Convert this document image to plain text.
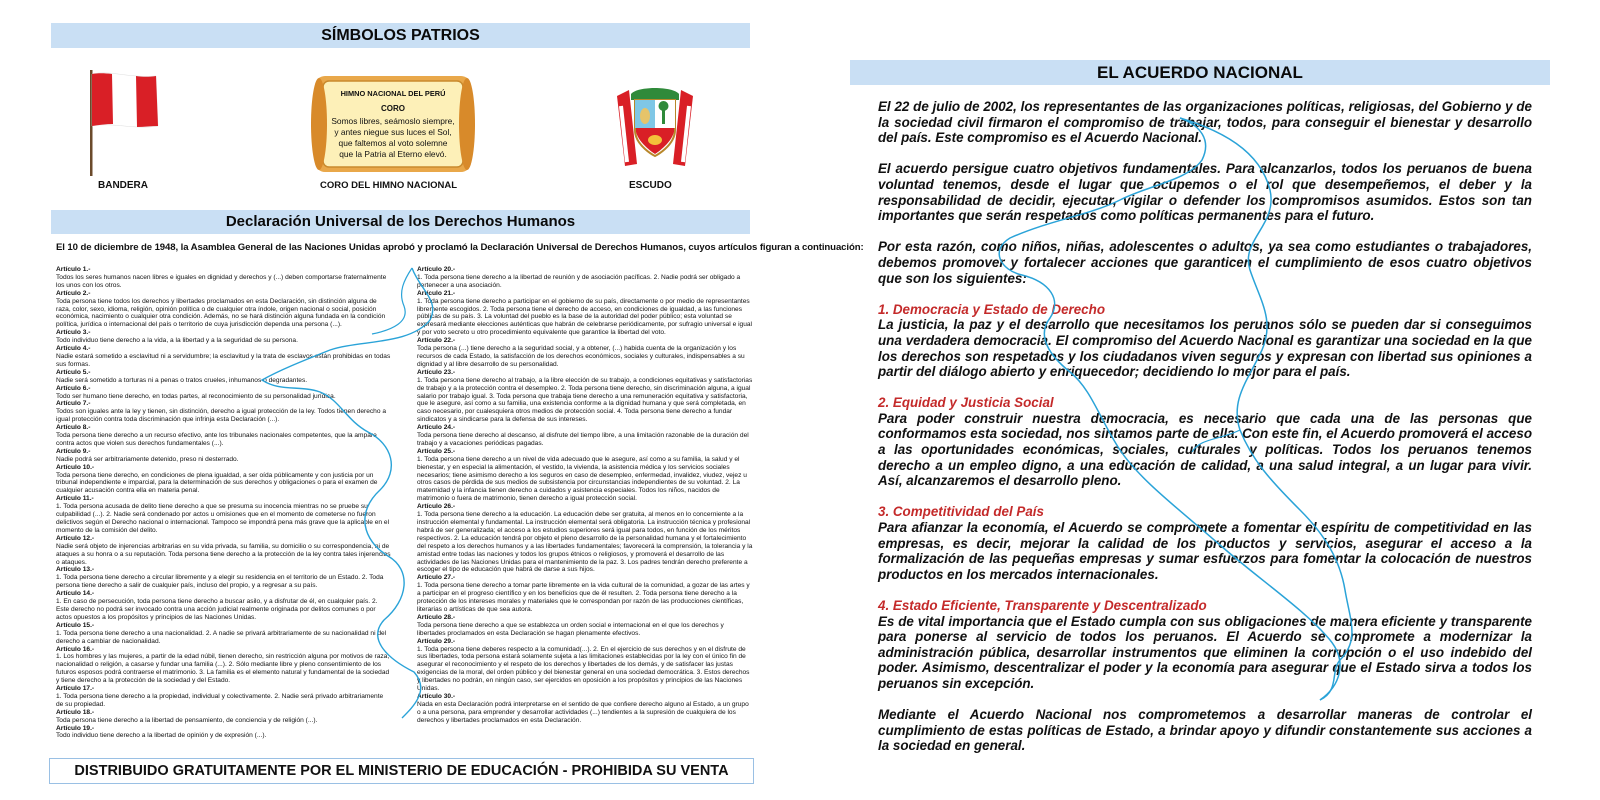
SÍMBOLOS PATRIOS
BANDERA
HIMNO NACIONAL DEL PERÚ
CORO
Somos libres, seámoslo siempre,
y antes niegue sus luces el Sol,
que faltemos al voto solemne
que la Patria al Eterno elevó.
CORO DEL HIMNO NACIONAL	ESCUDO
Declaración Universal de los Derechos Humanos
El 10 de diciembre de 1948, la Asamblea General de las Naciones Unidas aprobó y proclamó la Declaración Universal de Derechos Humanos, cuyos artículos figuran a continuación:
Artículo 1.-
Todos los seres humanos nacen libres e iguales en dignidad y derechos y (...) deben comportarse fraternalmente los unos con los otros.
Artículo 2.-
Toda persona tiene todos los derechos y libertades proclamados en esta Declaración, sin distinción alguna de raza, color, sexo, idioma, religión, opinión política o de cualquier otra índole, origen nacional o social, posición económica, nacimiento o cualquier otra condición. Además, no se hará distinción alguna fundada en la condición política, jurídica o internacional del país o territorio de cuya jurisdicción dependa una persona (...).
Artículo 3.-
Todo individuo tiene derecho a la vida, a la libertad y a la seguridad de su persona.
Artículo 4.-
Nadie estará sometido a esclavitud ni a servidumbre; la esclavitud y la trata de esclavos están prohibidas en todas sus formas.
Artículo 5.-
Nadie será sometido a torturas ni a penas o tratos crueles, inhumanos o degradantes.
Artículo 6.-
Todo ser humano tiene derecho, en todas partes, al reconocimiento de su personalidad jurídica.
Artículo 7.-
Todos son iguales ante la ley y tienen, sin distinción, derecho a igual protección de la ley. Todos tienen derecho a igual protección contra toda discriminación que infrinja esta Declaración (...).
Artículo 8.-
Toda persona tiene derecho a un recurso efectivo, ante los tribunales nacionales competentes, que la ampare contra actos que violen sus derechos fundamentales (...).
Artículo 9.-
Nadie podrá ser arbitrariamente detenido, preso ni desterrado.
Artículo 10.-
Toda persona tiene derecho, en condiciones de plena igualdad, a ser oída públicamente y con justicia por un tribunal independiente e imparcial, para la determinación de sus derechos y obligaciones o para el examen de cualquier acusación contra ella en materia penal.
Artículo 11.-
1. Toda persona acusada de delito tiene derecho a que se presuma su inocencia mientras no se pruebe su culpabilidad (...). 2. Nadie será condenado por actos u omisiones que en el momento de cometerse no fueron delictivos según el Derecho nacional o internacional. Tampoco se impondrá pena más grave que la aplicable en el momento de la comisión del delito.
Artículo 12.-
Nadie será objeto de injerencias arbitrarias en su vida privada, su familia, su domicilio o su correspondencia, ni de ataques a su honra o a su reputación. Toda persona tiene derecho a la protección de la ley contra tales injerencias o ataques.
Artículo 13.-
1. Toda persona tiene derecho a circular libremente y a elegir su residencia en el territorio de un Estado. 2. Toda persona tiene derecho a salir de cualquier país, incluso del propio, y a regresar a su país.
Artículo 14.-
1. En caso de persecución, toda persona tiene derecho a buscar asilo, y a disfrutar de él, en cualquier país. 2. Este derecho no podrá ser invocado contra una acción judicial realmente originada por delitos comunes o por actos opuestos a los propósitos y principios de las Naciones Unidas.
Artículo 15.-
1. Toda persona tiene derecho a una nacionalidad. 2. A nadie se privará arbitrariamente de su nacionalidad ni del derecho a cambiar de nacionalidad.
Artículo 16.-
1. Los hombres y las mujeres, a partir de la edad núbil, tienen derecho, sin restricción alguna por motivos de raza, nacionalidad o religión, a casarse y fundar una familia (...). 2. Sólo mediante libre y pleno consentimiento de los futuros esposos podrá contraerse el matrimonio. 3. La familia es el elemento natural y fundamental de la sociedad y tiene derecho a la protección de la sociedad y del Estado.
Artículo 17.-
1. Toda persona tiene derecho a la propiedad, individual y colectivamente. 2. Nadie será privado arbitrariamente de su propiedad.
Artículo 18.-
Toda persona tiene derecho a la libertad de pensamiento, de conciencia y de religión (...).
Artículo 19.-
Todo individuo tiene derecho a la libertad de opinión y de expresión (...).
Artículo 20.-
1. Toda persona tiene derecho a la libertad de reunión y de asociación pacíficas. 2. Nadie podrá ser obligado a pertenecer a una asociación.
Artículo 21.-
1. Toda persona tiene derecho a participar en el gobierno de su país, directamente o por medio de representantes libremente escogidos. 2. Toda persona tiene el derecho de acceso, en condiciones de igualdad, a las funciones públicas de su país. 3. La voluntad del pueblo es la base de la autoridad del poder público; esta voluntad se expresará mediante elecciones auténticas que habrán de celebrarse periódicamente, por sufragio universal e igual y por voto secreto u otro procedimiento equivalente que garantice la libertad del voto.
Artículo 22.-
Toda persona (...) tiene derecho a la seguridad social, y a obtener, (...) habida cuenta de la organización y los recursos de cada Estado, la satisfacción de los derechos económicos, sociales y culturales, indispensables a su dignidad y al libre desarrollo de su personalidad.
Artículo 23.-
1. Toda persona tiene derecho al trabajo, a la libre elección de su trabajo, a condiciones equitativas y satisfactorias de trabajo y a la protección contra el desempleo. 2. Toda persona tiene derecho, sin discriminación alguna, a igual salario por trabajo igual. 3. Toda persona que trabaja tiene derecho a una remuneración equitativa y satisfactoria, que le asegure, así como a su familia, una existencia conforme a la dignidad humana y que será completada, en caso necesario, por cualesquiera otros medios de protección social. 4. Toda persona tiene derecho a fundar sindicatos y a sindicarse para la defensa de sus intereses.
Artículo 24.-
Toda persona tiene derecho al descanso, al disfrute del tiempo libre, a una limitación razonable de la duración del trabajo y a vacaciones periódicas pagadas.
Artículo 25.-
1. Toda persona tiene derecho a un nivel de vida adecuado que le asegure, así como a su familia, la salud y el bienestar, y en especial la alimentación, el vestido, la vivienda, la asistencia médica y los servicios sociales necesarios; tiene asimismo derecho a los seguros en caso de desempleo, enfermedad, invalidez, viudez, vejez u otros casos de pérdida de sus medios de subsistencia por circunstancias independientes de su voluntad. 2. La maternidad y la infancia tienen derecho a cuidados y asistencia especiales. Todos los niños, nacidos de matrimonio o fuera de matrimonio, tienen derecho a igual protección social.
Artículo 26.-
1. Toda persona tiene derecho a la educación. La educación debe ser gratuita, al menos en lo concerniente a la instrucción elemental y fundamental. La instrucción elemental será obligatoria. La instrucción técnica y profesional habrá de ser generalizada; el acceso a los estudios superiores será igual para todos, en función de los méritos respectivos. 2. La educación tendrá por objeto el pleno desarrollo de la personalidad humana y el fortalecimiento del respeto a los derechos humanos y a las libertades fundamentales; favorecerá la comprensión, la tolerancia y la amistad entre todas las naciones y todos los grupos étnicos o religiosos, y promoverá el desarrollo de las actividades de las Naciones Unidas para el mantenimiento de la paz. 3. Los padres tendrán derecho preferente a escoger el tipo de educación que habrá de darse a sus hijos.
Artículo 27.-
1. Toda persona tiene derecho a tomar parte libremente en la vida cultural de la comunidad, a gozar de las artes y a participar en el progreso científico y en los beneficios que de él resulten. 2. Toda persona tiene derecho a la protección de los intereses morales y materiales que le correspondan por razón de las producciones científicas, literarias o artísticas de que sea autora.
Artículo 28.-
Toda persona tiene derecho a que se establezca un orden social e internacional en el que los derechos y libertades proclamados en esta Declaración se hagan plenamente efectivos.
Artículo 29.-
1. Toda persona tiene deberes respecto a la comunidad(...). 2. En el ejercicio de sus derechos y en el disfrute de sus libertades, toda persona estará solamente sujeta a las limitaciones establecidas por la ley con el único fin de asegurar el reconocimiento y el respeto de los derechos y libertades de los demás, y de satisfacer las justas exigencias de la moral, del orden público y del bienestar general en una sociedad democrática. 3. Estos derechos y libertades no podrán, en ningún caso, ser ejercidos en oposición a los propósitos y principios de las Naciones Unidas.
Artículo 30.-
Nada en esta Declaración podrá interpretarse en el sentido de que confiere derecho alguno al Estado, a un grupo o a una persona, para emprender y desarrollar actividades (...) tendientes a la supresión de cualquiera de los derechos y libertades proclamados en esta Declaración.
DISTRIBUIDO GRATUITAMENTE POR EL MINISTERIO DE EDUCACIÓN - PROHIBIDA SU VENTA
EL ACUERDO NACIONAL

El 22 de julio de 2002, los representantes de las organizaciones políticas, religiosas, del Gobierno y de la sociedad civil firmaron el compromiso de trabajar, todos, para conseguir el bienestar y desarrollo del país. Este compromiso es el Acuerdo Nacional.

El acuerdo persigue cuatro objetivos fundamentales. Para alcanzarlos, todos los peruanos de buena voluntad tenemos, desde el lugar que ocupemos o el rol que desempeñemos, el deber y la responsabilidad de decidir, ejecutar, vigilar o defender los compromisos asumidos. Estos son tan importantes que serán respetados como políticas permanentes para el futuro.

Por esta razón, como niños, niñas, adolescentes o adultos, ya sea como estudiantes o trabajadores, debemos promover y fortalecer acciones que garanticen el cumplimiento de esos cuatro objetivos que son los siguientes:

1. Democracia y Estado de Derecho

La justicia, la paz y el desarrollo que necesitamos los peruanos sólo se pueden dar si conseguimos una verdadera democracia. El compromiso del Acuerdo Nacional es garantizar una sociedad en la que los derechos son respetados y los ciudadanos viven seguros y expresan con libertad sus opiniones a partir del diálogo abierto y enriquecedor; decidiendo lo mejor para el país.

2. Equidad y Justicia Social

Para poder construir nuestra democracia, es necesario que cada una de las personas que conformamos esta sociedad, nos sintamos parte de ella. Con este fin, el Acuerdo promoverá el acceso a las oportunidades económicas, sociales, culturales y políticas. Todos los peruanos tenemos derecho a un empleo digno, a una educación de calidad, a una salud integral, a un lugar para vivir. Así, alcanzaremos el desarrollo pleno.

3. Competitividad del País

Para afianzar la economía, el Acuerdo se compromete a fomentar el espíritu de competitividad en las empresas, es decir, mejorar la calidad de los productos y servicios, asegurar el acceso a la formalización de las pequeñas empresas y sumar esfuerzos para fomentar la colocación de nuestros productos en los mercados internacionales.

4. Estado Eficiente, Transparente y Descentralizado

Es de vital importancia que el Estado cumpla con sus obligaciones de manera eficiente y transparente para ponerse al servicio de todos los peruanos. El Acuerdo se compromete a modernizar la administración pública, desarrollar instrumentos que eliminen la corrupción o el uso indebido del poder. Asimismo, descentralizar el poder y la economía para asegurar que el Estado sirva a todos los peruanos sin excepción.

Mediante el Acuerdo Nacional nos comprometemos a desarrollar maneras de controlar el cumplimiento de estas políticas de Estado, a brindar apoyo y difundir constantemente sus acciones a la sociedad en general.
